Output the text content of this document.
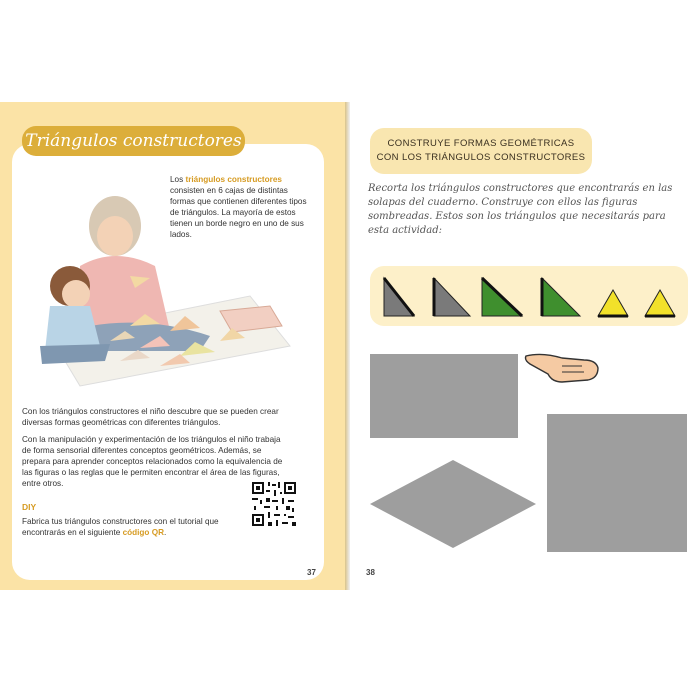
Triángulos constructores
Los triángulos constructores consisten en 6 cajas de distintas formas que contienen diferentes tipos de triángulos. La mayoría de estos tienen un borde negro en uno de sus lados.
Con los triángulos constructores el niño descubre que se pueden crear diversas formas geométricas con diferentes triángulos.
Con la manipulación y experimentación de los triángulos el niño trabaja de forma sensorial diferentes conceptos geométricos. Además, se prepara para aprender conceptos relacionados como la equivalencia de las figuras o las reglas que le permiten encontrar el área de las figuras, entre otros.
DIY
Fabrica tus triángulos constructores con el tutorial que encontrarás en el siguiente código QR.
37
CONSTRUYE FORMAS GEOMÉTRICAS
CON LOS TRIÁNGULOS CONSTRUCTORES
Recorta los triángulos constructores que encontrarás en las solapas del cuaderno. Construye con ellos las figuras sombreadas. Estos son los triángulos que necesitarás para esta actividad:
38
